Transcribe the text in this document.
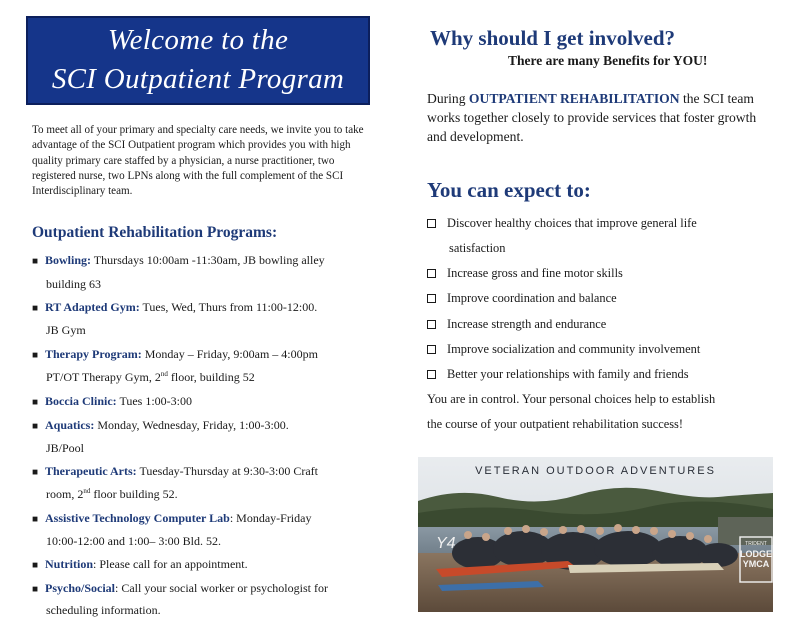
Welcome to the
SCI Outpatient Program
To meet all of your primary and specialty care needs, we invite you to take advantage of the SCI Outpatient program which provides you with high quality primary care staffed by a physician, a nurse practitioner, two registered nurse, two LPNs along with the full complement of the SCI Interdisciplinary team.
Outpatient Rehabilitation Programs:
■ Bowling: Thursdays 10:00am -11:30am, JB bowling alley
building 63
■ RT Adapted Gym: Tues, Wed, Thurs from 11:00-12:00.
JB Gym
■ Therapy Program: Monday – Friday, 9:00am – 4:00pm
PT/OT Therapy Gym, 2nd floor, building 52
■ Boccia Clinic: Tues 1:00-3:00
■ Aquatics: Monday, Wednesday, Friday, 1:00-3:00.
JB/Pool
■ Therapeutic Arts: Tuesday-Thursday at 9:30-3:00 Craft
room, 2nd floor building 52.
■ Assistive Technology Computer Lab: Monday-Friday
10:00-12:00 and 1:00– 3:00 Bld. 52.
■ Nutrition: Please call for an appointment.
■ Psycho/Social: Call your social worker or psychologist for
scheduling information.
Why should I get involved?
There are many Benefits for YOU!
During OUTPATIENT REHABILITATION the SCI team works together closely to provide services that foster growth and development.
You can expect to:
Discover healthy choices that improve general life
satisfaction
Increase gross and fine motor skills
Improve coordination and balance
Increase strength and endurance
Improve socialization and community involvement
Better your relationships with family and friends
You are in control. Your personal choices help to establish
the course of your outpatient rehabilitation success!
VETERAN OUTDOOR ADVENTURES
Y4	TRIDENT
LODGE
YMCA
